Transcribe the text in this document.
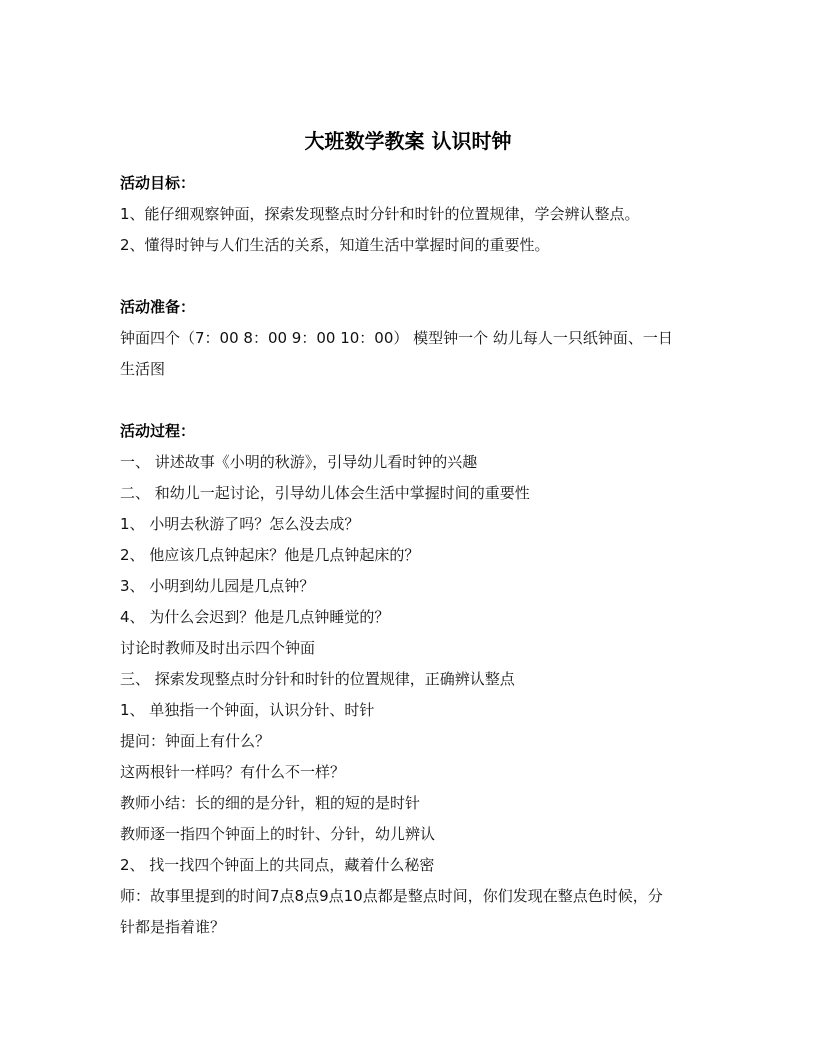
大班数学教案 认识时钟
活动目标：
1、能仔细观察钟面，探索发现整点时分针和时针的位置规律，学会辨认整点。
2、懂得时钟与人们生活的关系，知道生活中掌握时间的重要性。
活动准备：
钟面四个（7：00 8：00 9：00 10：00） 模型钟一个 幼儿每人一只纸钟面、一日
生活图
活动过程：
一、 讲述故事《小明的秋游》，引导幼儿看时钟的兴趣
二、 和幼儿一起讨论，引导幼儿体会生活中掌握时间的重要性
1、 小明去秋游了吗？怎么没去成？
2、 他应该几点钟起床？他是几点钟起床的？
3、 小明到幼儿园是几点钟？
4、 为什么会迟到？他是几点钟睡觉的？
讨论时教师及时出示四个钟面
三、 探索发现整点时分针和时针的位置规律，正确辨认整点
1、 单独指一个钟面，认识分针、时针
提问：钟面上有什么？
这两根针一样吗？有什么不一样？
教师小结：长的细的是分针，粗的短的是时针
教师逐一指四个钟面上的时针、分针，幼儿辨认
2、 找一找四个钟面上的共同点，藏着什么秘密
师：故事里提到的时间7点8点9点10点都是整点时间，你们发现在整点色时候，分
针都是指着谁？
